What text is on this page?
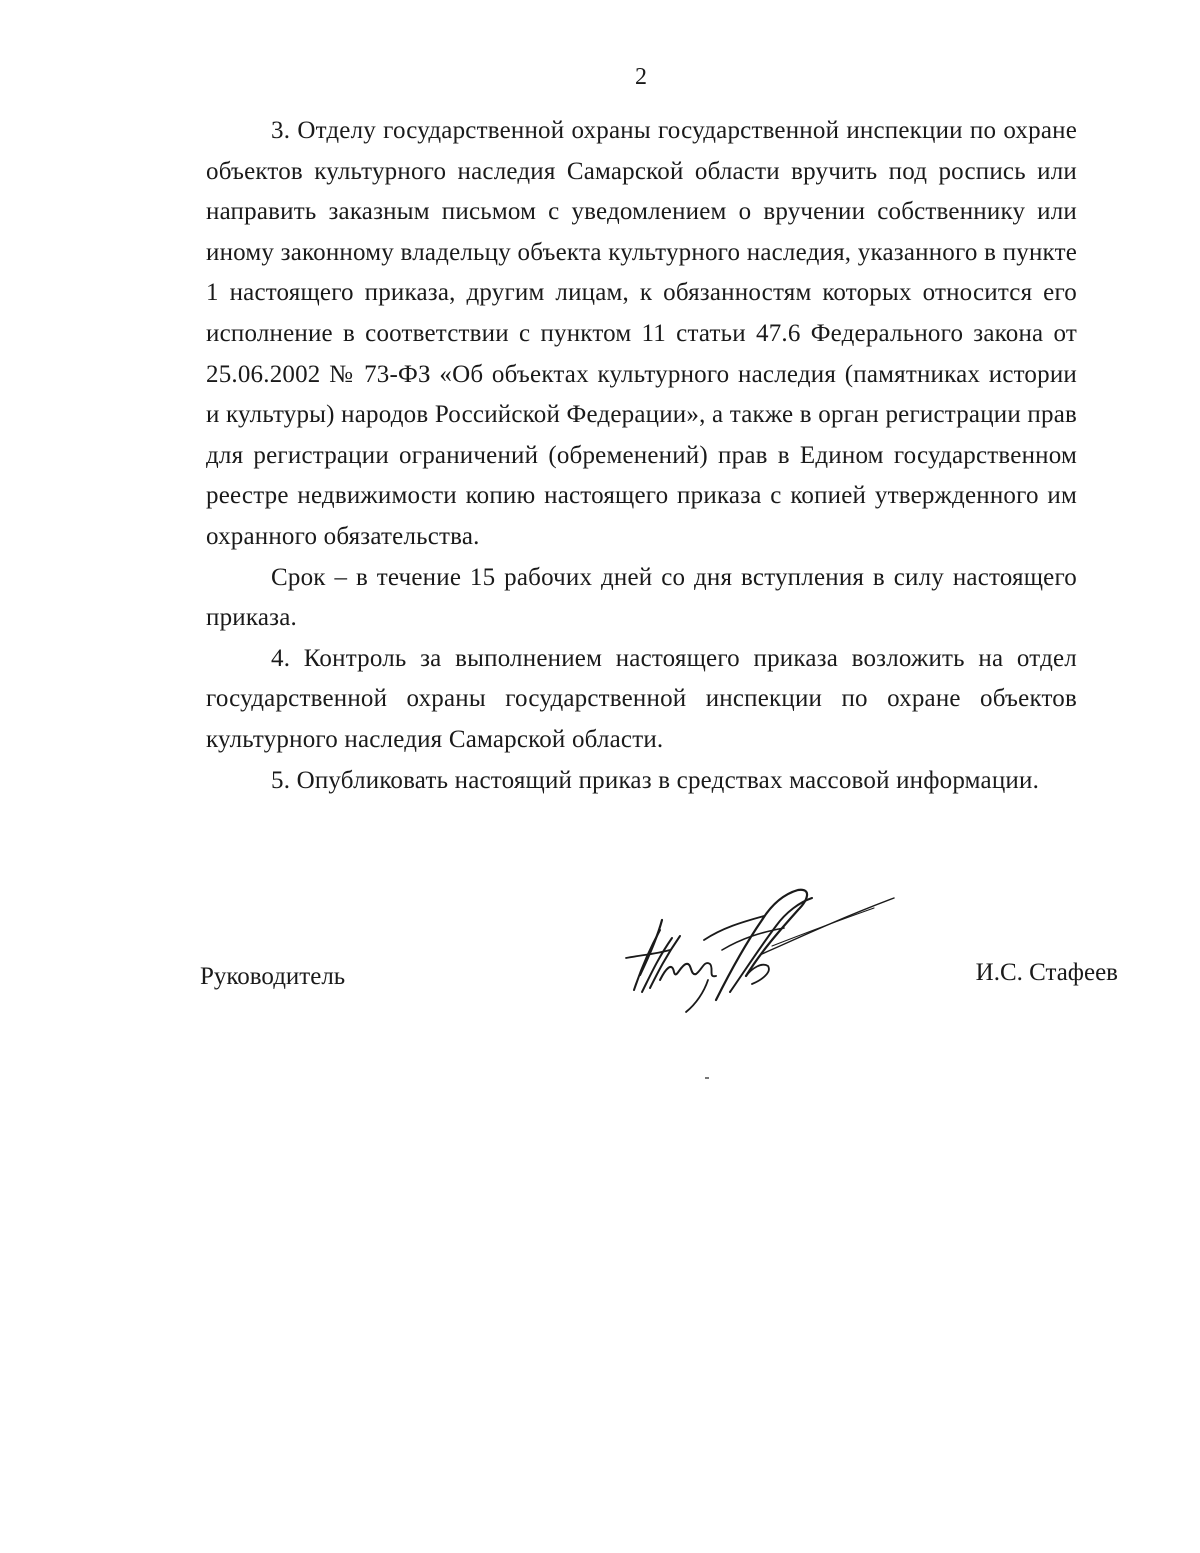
2

3. Отделу государственной охраны государственной инспекции по охране объектов культурного наследия Самарской области вручить под роспись или направить заказным письмом с уведомлением о вручении собственнику или иному законному владельцу объекта культурного наследия, указанного в пункте 1 настоящего приказа, другим лицам, к обязанностям которых относится его исполнение в соответствии с пунктом 11 статьи 47.6 Федерального закона от 25.06.2002 № 73-ФЗ «Об объектах культурного наследия (памятниках истории и культуры) народов Российской Федерации», а также в орган регистрации прав для регистрации ограничений (обременений) прав в Едином государственном реестре недвижимости копию настоящего приказа с копией утвержденного им охранного обязательства.

Срок – в течение 15 рабочих дней со дня вступления в силу настоящего приказа.

4. Контроль за выполнением настоящего приказа возложить на отдел государственной охраны государственной инспекции по охране объектов культурного наследия Самарской области.

5. Опубликовать настоящий приказ в средствах массовой информации.

Руководитель	И.С. Стафеев
